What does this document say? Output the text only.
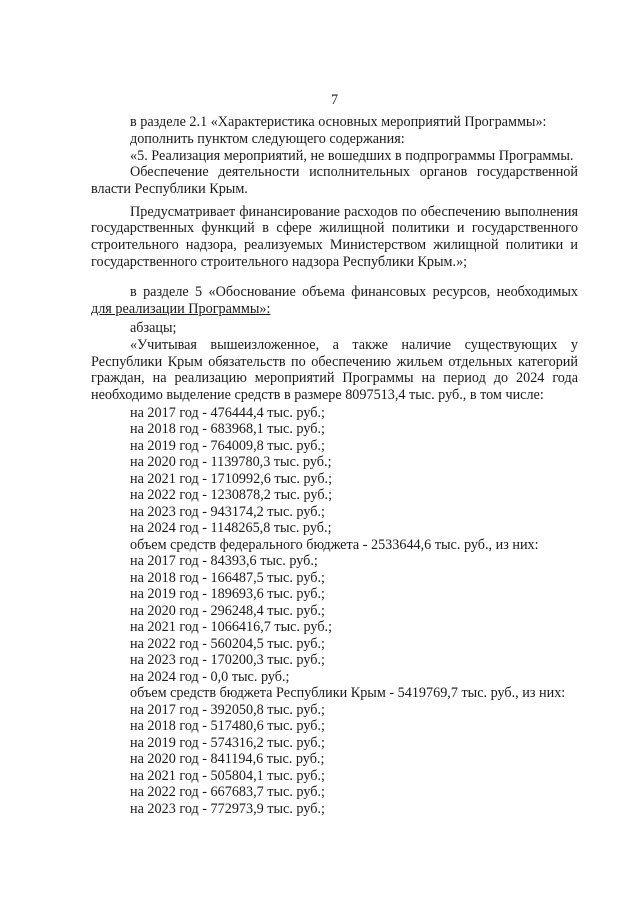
7
в разделе 2.1 «Характеристика основных мероприятий Программы»:
дополнить пунктом следующего содержания:
«5. Реализация мероприятий, не вошедших в подпрограммы Программы.
Обеспечение деятельности исполнительных органов государственной
власти Республики Крым.
Предусматривает финансирование расходов по обеспечению выполнения
государственных функций в сфере жилищной политики и государственного
строительного надзора, реализуемых Министерством жилищной политики и
государственного строительного надзора Республики Крым.»;
в разделе 5 «Обоснование объема финансовых ресурсов, необходимых
для реализации Программы»:
абзацы;
«Учитывая вышеизложенное, а также наличие существующих у
Республики Крым обязательств по обеспечению жильем отдельных категорий
граждан, на реализацию мероприятий Программы на период до 2024 года
необходимо выделение средств в размере 8097513,4 тыс. руб., в том числе:
на 2017 год - 476444,4 тыс. руб.;
на 2018 год - 683968,1 тыс. руб.;
на 2019 год - 764009,8 тыс. руб.;
на 2020 год - 1139780,3 тыс. руб.;
на 2021 год - 1710992,6 тыс. руб.;
на 2022 год - 1230878,2 тыс. руб.;
на 2023 год - 943174,2 тыс. руб.;
на 2024 год - 1148265,8 тыс. руб.;
объем средств федерального бюджета - 2533644,6 тыс. руб., из них:
на 2017 год - 84393,6 тыс. руб.;
на 2018 год - 166487,5 тыс. руб.;
на 2019 год - 189693,6 тыс. руб.;
на 2020 год - 296248,4 тыс. руб.;
на 2021 год - 1066416,7 тыс. руб.;
на 2022 год - 560204,5 тыс. руб.;
на 2023 год - 170200,3 тыс. руб.;
на 2024 год - 0,0 тыс. руб.;
объем средств бюджета Республики Крым - 5419769,7 тыс. руб., из них:
на 2017 год - 392050,8 тыс. руб.;
на 2018 год - 517480,6 тыс. руб.;
на 2019 год - 574316,2 тыс. руб.;
на 2020 год - 841194,6 тыс. руб.;
на 2021 год - 505804,1 тыс. руб.;
на 2022 год - 667683,7 тыс. руб.;
на 2023 год - 772973,9 тыс. руб.;
